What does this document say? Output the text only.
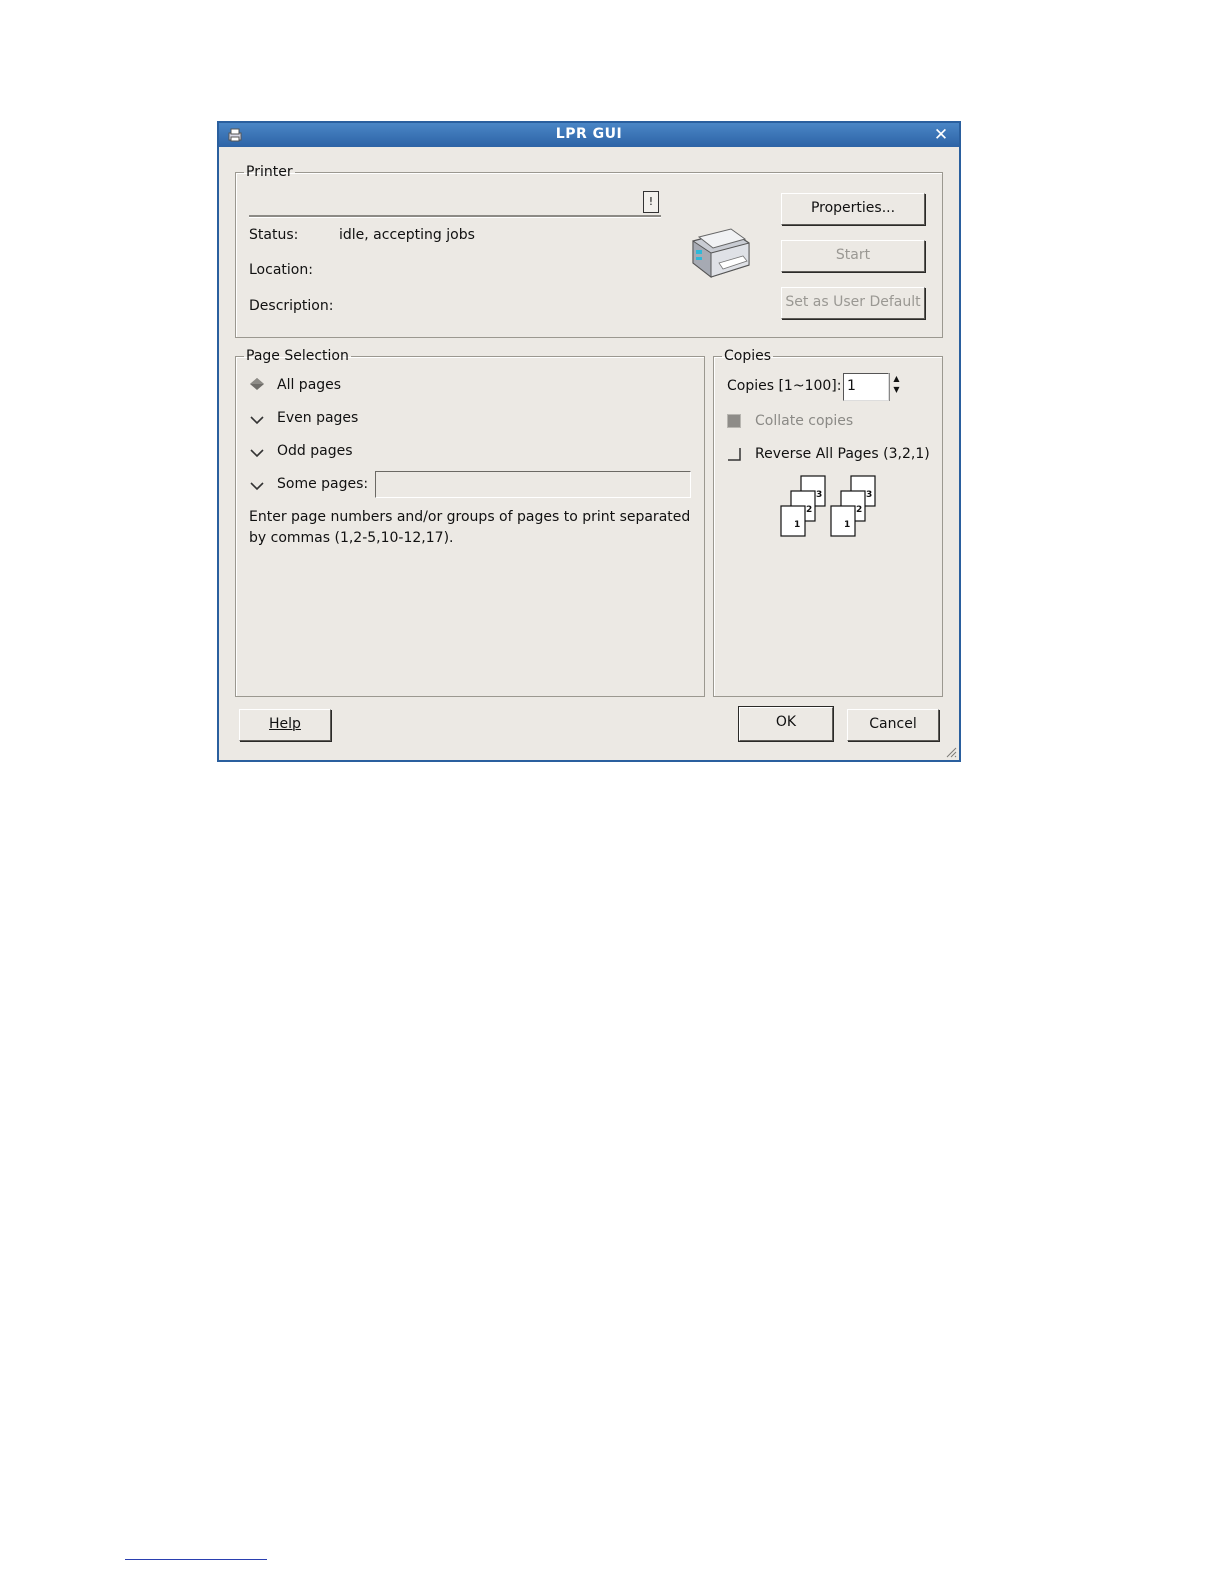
LPR GUI	✕
Printer
!
Status:	idle, accepting jobs
Location:
Description:
Properties...
Start
Set as User Default
Page Selection
All pages
Even pages
Odd pages
Some pages:
Enter page numbers and/or groups of pages to print separated
by commas (1,2-5,10-12,17).
Copies
Copies [1~100]: 1	▲
▼
Collate copies
Reverse All Pages (3,2,1)
3
2
1
3
2
1
Help	OK	Cancel
